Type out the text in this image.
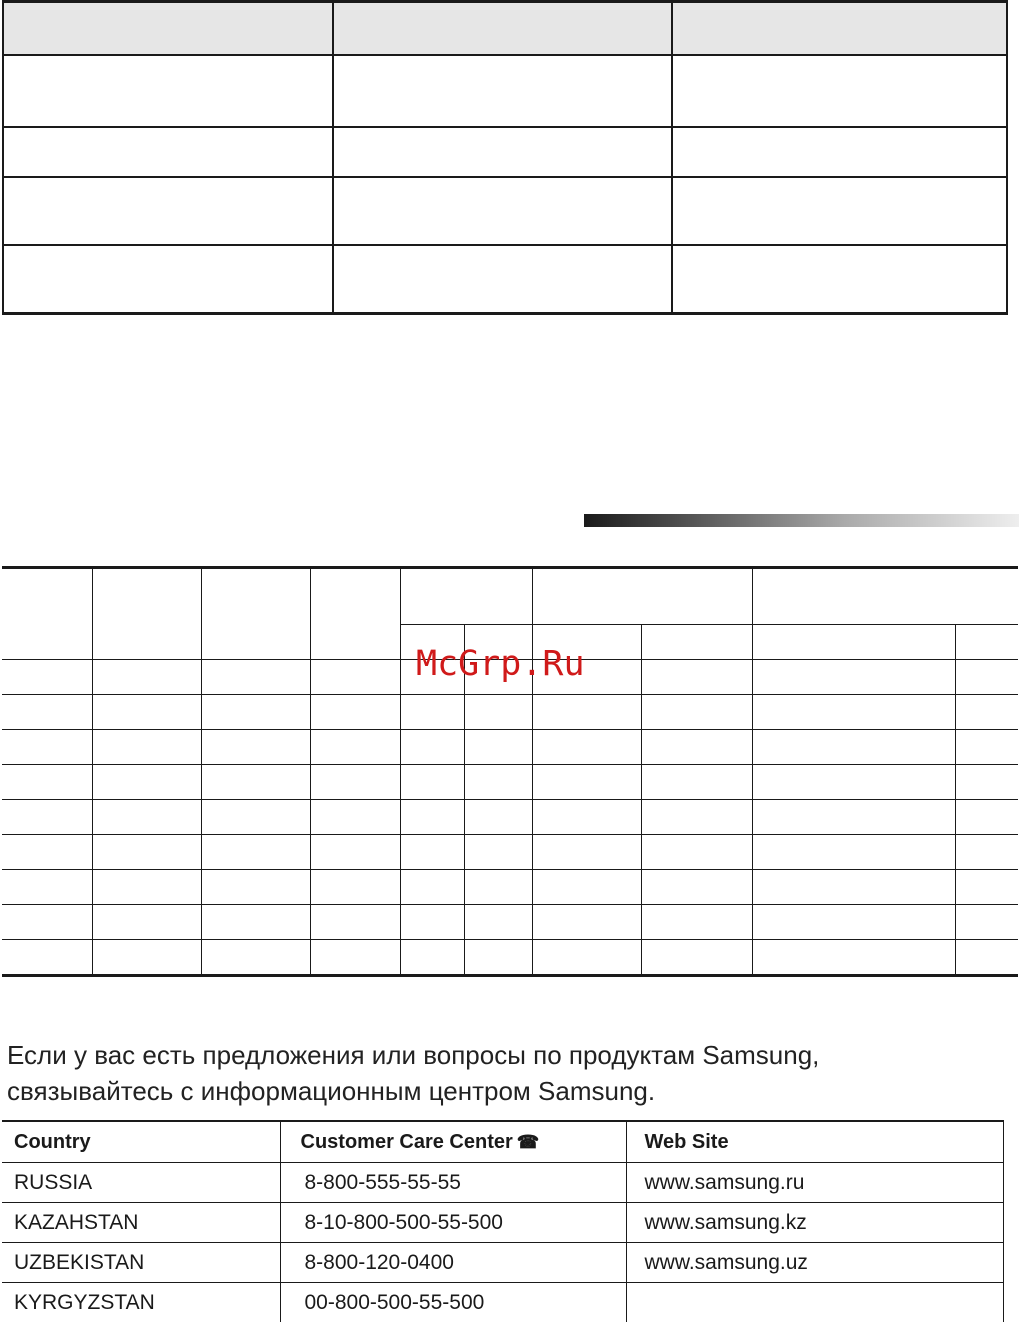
McGrp.Ru
Если у вас есть предложения или вопросы по продуктам Samsung,
связывайтесь с информационным центром Samsung.
Country	Customer Care Center ☎	Web Site
RUSSIA	8-800-555-55-55	www.samsung.ru
KAZAHSTAN	8-10-800-500-55-500	www.samsung.kz
UZBEKISTAN	8-800-120-0400	www.samsung.uz
KYRGYZSTAN	00-800-500-55-500	
